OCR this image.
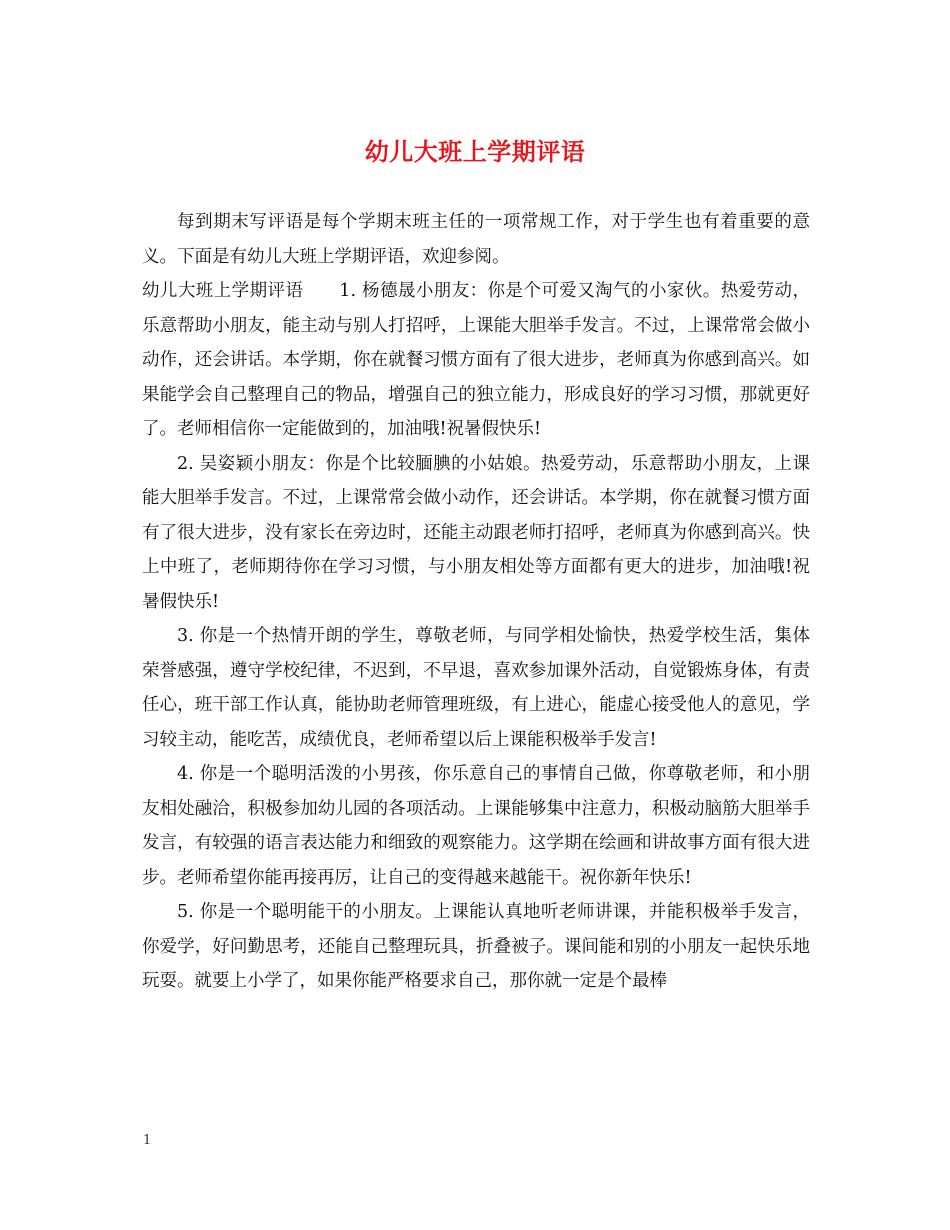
幼儿大班上学期评语

每到期末写评语是每个学期末班主任的一项常规工作，对于学生也有着重要的意义。下面是有幼儿大班上学期评语，欢迎参阅。

幼儿大班上学期评语　　1. 杨德晟小朋友：你是个可爱又淘气的小家伙。热爱劳动，乐意帮助小朋友，能主动与别人打招呼，上课能大胆举手发言。不过，上课常常会做小动作，还会讲话。本学期，你在就餐习惯方面有了很大进步，老师真为你感到高兴。如果能学会自己整理自己的物品，增强自己的独立能力，形成良好的学习习惯，那就更好了。老师相信你一定能做到的，加油哦!祝暑假快乐!

2. 吴姿颖小朋友：你是个比较腼腆的小姑娘。热爱劳动，乐意帮助小朋友，上课能大胆举手发言。不过，上课常常会做小动作，还会讲话。本学期，你在就餐习惯方面有了很大进步，没有家长在旁边时，还能主动跟老师打招呼，老师真为你感到高兴。快上中班了，老师期待你在学习习惯，与小朋友相处等方面都有更大的进步，加油哦!祝暑假快乐!

3. 你是一个热情开朗的学生，尊敬老师，与同学相处愉快，热爱学校生活，集体荣誉感强，遵守学校纪律，不迟到，不早退，喜欢参加课外活动，自觉锻炼身体，有责任心，班干部工作认真，能协助老师管理班级，有上进心，能虚心接受他人的意见，学习较主动，能吃苦，成绩优良，老师希望以后上课能积极举手发言!

4. 你是一个聪明活泼的小男孩，你乐意自己的事情自己做，你尊敬老师，和小朋友相处融洽，积极参加幼儿园的各项活动。上课能够集中注意力，积极动脑筋大胆举手发言，有较强的语言表达能力和细致的观察能力。这学期在绘画和讲故事方面有很大进步。老师希望你能再接再厉，让自己的变得越来越能干。祝你新年快乐!

5. 你是一个聪明能干的小朋友。上课能认真地听老师讲课，并能积极举手发言，你爱学，好问勤思考，还能自己整理玩具，折叠被子。课间能和别的小朋友一起快乐地玩耍。就要上小学了，如果你能严格要求自己，那你就一定是个最棒

1
